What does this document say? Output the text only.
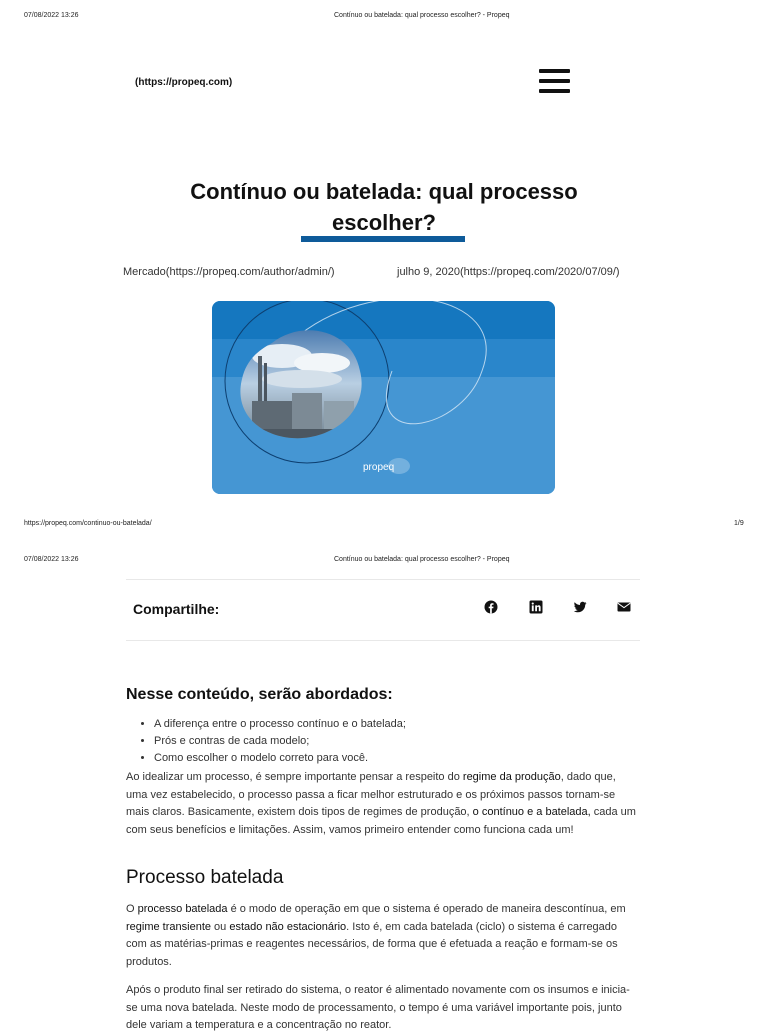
07/08/2022 13:26	Contínuo ou batelada: qual processo escolher? - Propeq
(https://propeq.com)
Contínuo ou batelada: qual processo
escolher?
Mercado(https://propeq.com/author/admin/)	julho 9, 2020(https://propeq.com/2020/07/09/)
propeq
https://propeq.com/continuo-ou-batelada/	1/9
07/08/2022 13:26	Contínuo ou batelada: qual processo escolher? - Propeq
Compartilhe:
Nesse conteúdo, serão abordados:
• A diferença entre o processo contínuo e o batelada;
• Prós e contras de cada modelo;
• Como escolher o modelo correto para você.

Ao idealizar um processo, é sempre importante pensar a respeito do regime da produção, dado que, uma vez estabelecido, o processo passa a ficar melhor estruturado e os próximos passos tornam-se mais claros. Basicamente, existem dois tipos de regimes de produção, o contínuo e a batelada, cada um com seus benefícios e limitações. Assim, vamos primeiro entender como funciona cada um!

Processo batelada

O processo batelada é o modo de operação em que o sistema é operado de maneira descontínua, em regime transiente ou estado não estacionário. Isto é, em cada batelada (ciclo) o sistema é carregado com as matérias-primas e reagentes necessários, de forma que é efetuada a reação e formam-se os produtos.

Após o produto final ser retirado do sistema, o reator é alimentado novamente com os insumos e inicia-se uma nova batelada. Neste modo de processamento, o tempo é uma variável importante pois, junto dele variam a temperatura e a concentração no reator.
